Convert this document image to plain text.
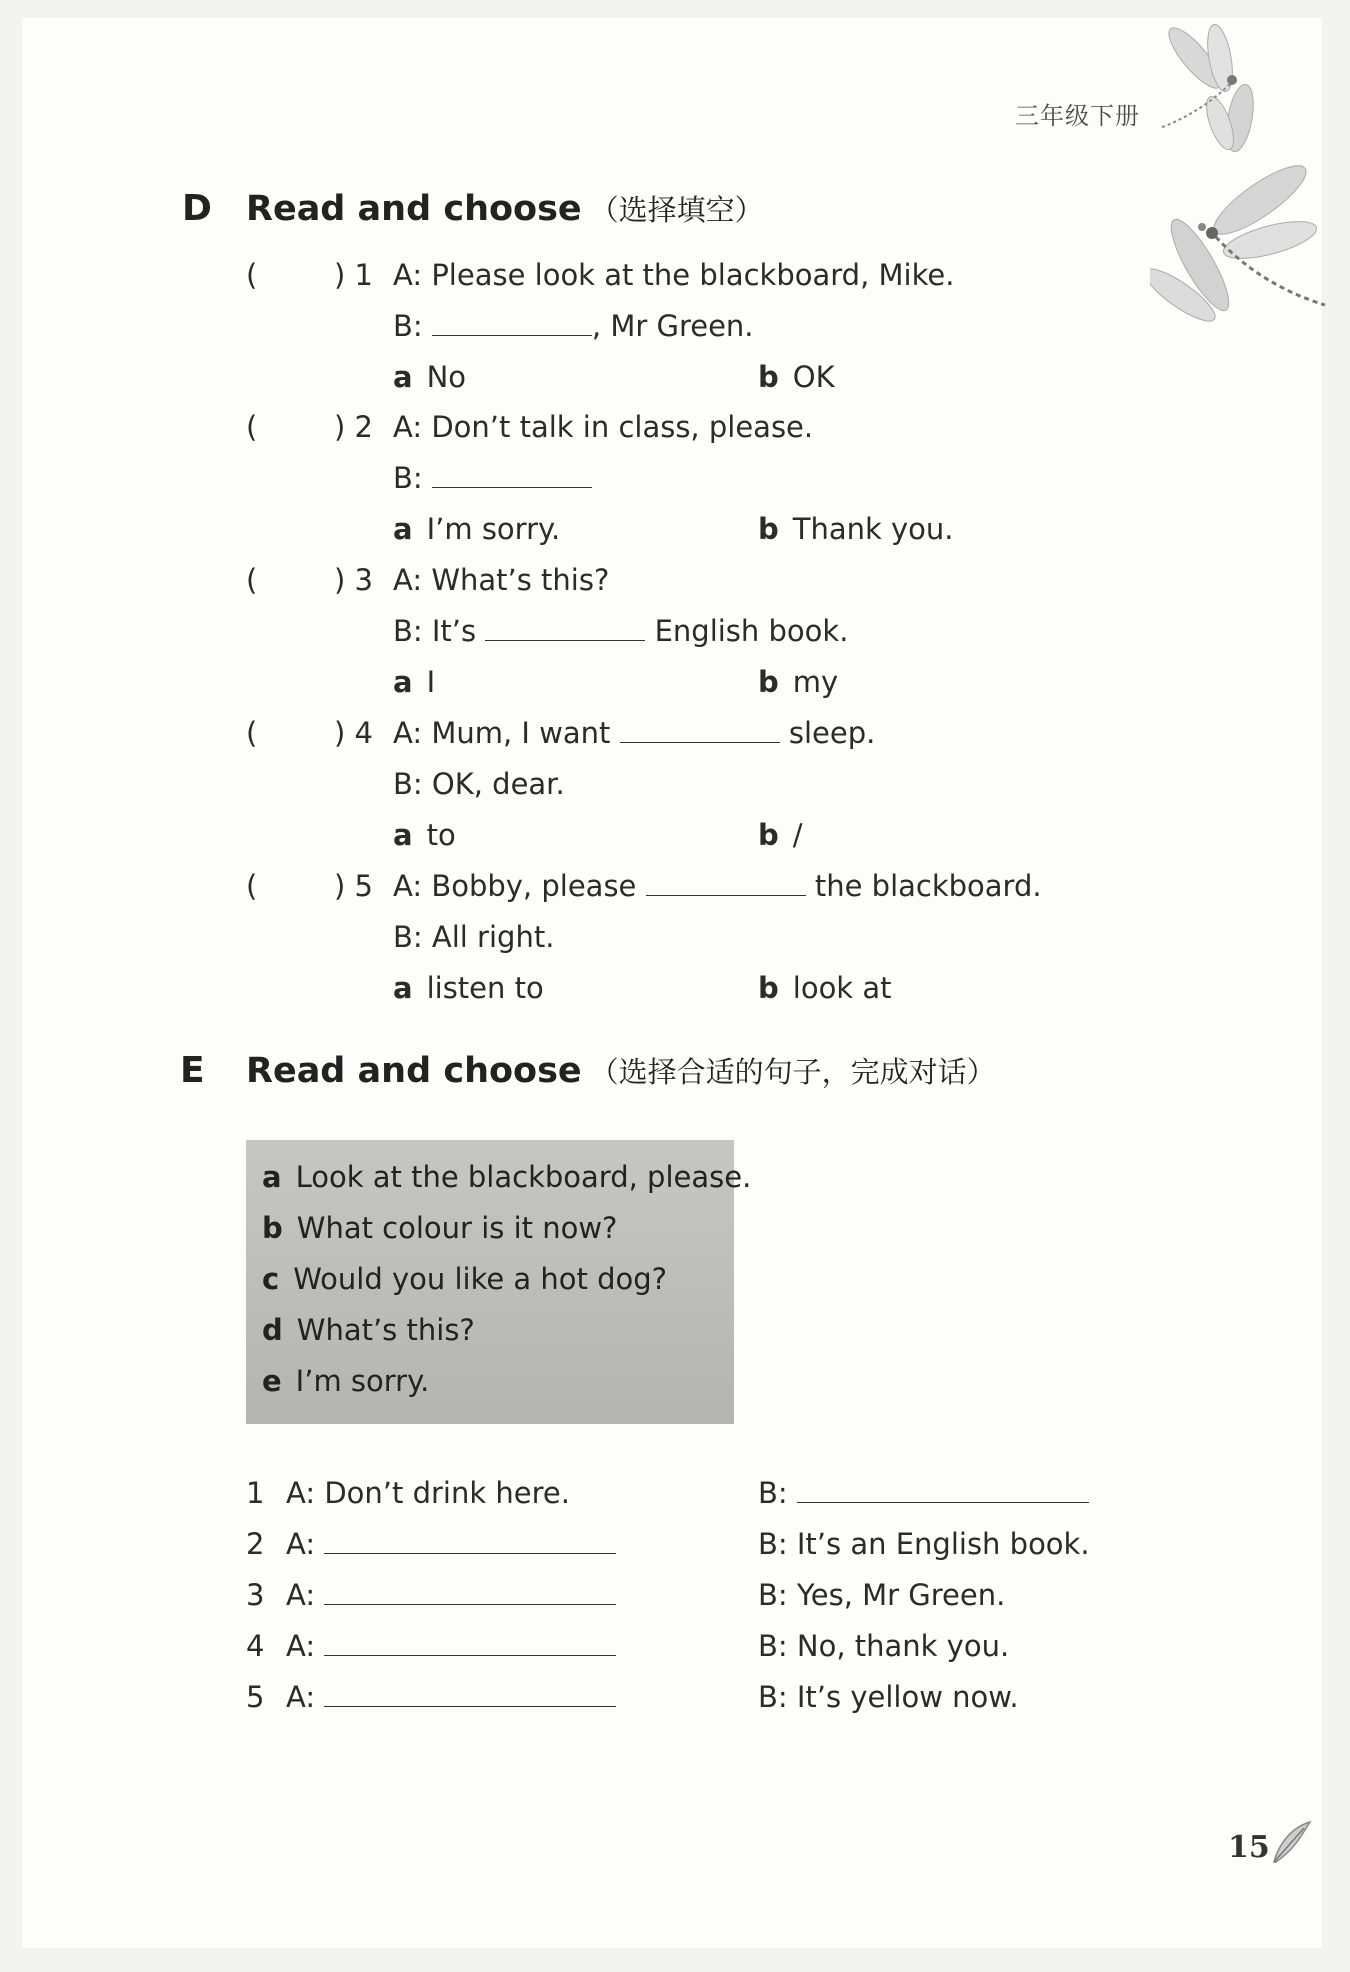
三年级下册
D Read and choose （选择填空）
(	) 1 A: Please look at the blackboard, Mike.
B:	, Mr Green.
a No	b OK
(	) 2 A: Don’t talk in class, please.
B:
a I’m sorry.	b Thank you.
(	) 3 A: What’s this?
B: It’s	English book.
a I	b my
(	) 4 A: Mum, I want	sleep.
B: OK, dear.
a to	b /
(	) 5 A: Bobby, please	the blackboard.
B: All right.
a listen to	b look at
E Read and choose （选择合适的句子，完成对话）
a Look at the blackboard, please.
b What colour is it now?
c Would you like a hot dog?
d What’s this?
e I’m sorry.
1 A: Don’t drink here.	B:
2 A:	B: It’s an English book.
3 A:	B: Yes, Mr Green.
4 A:	B: No, thank you.
5 A:	B: It’s yellow now.
15
